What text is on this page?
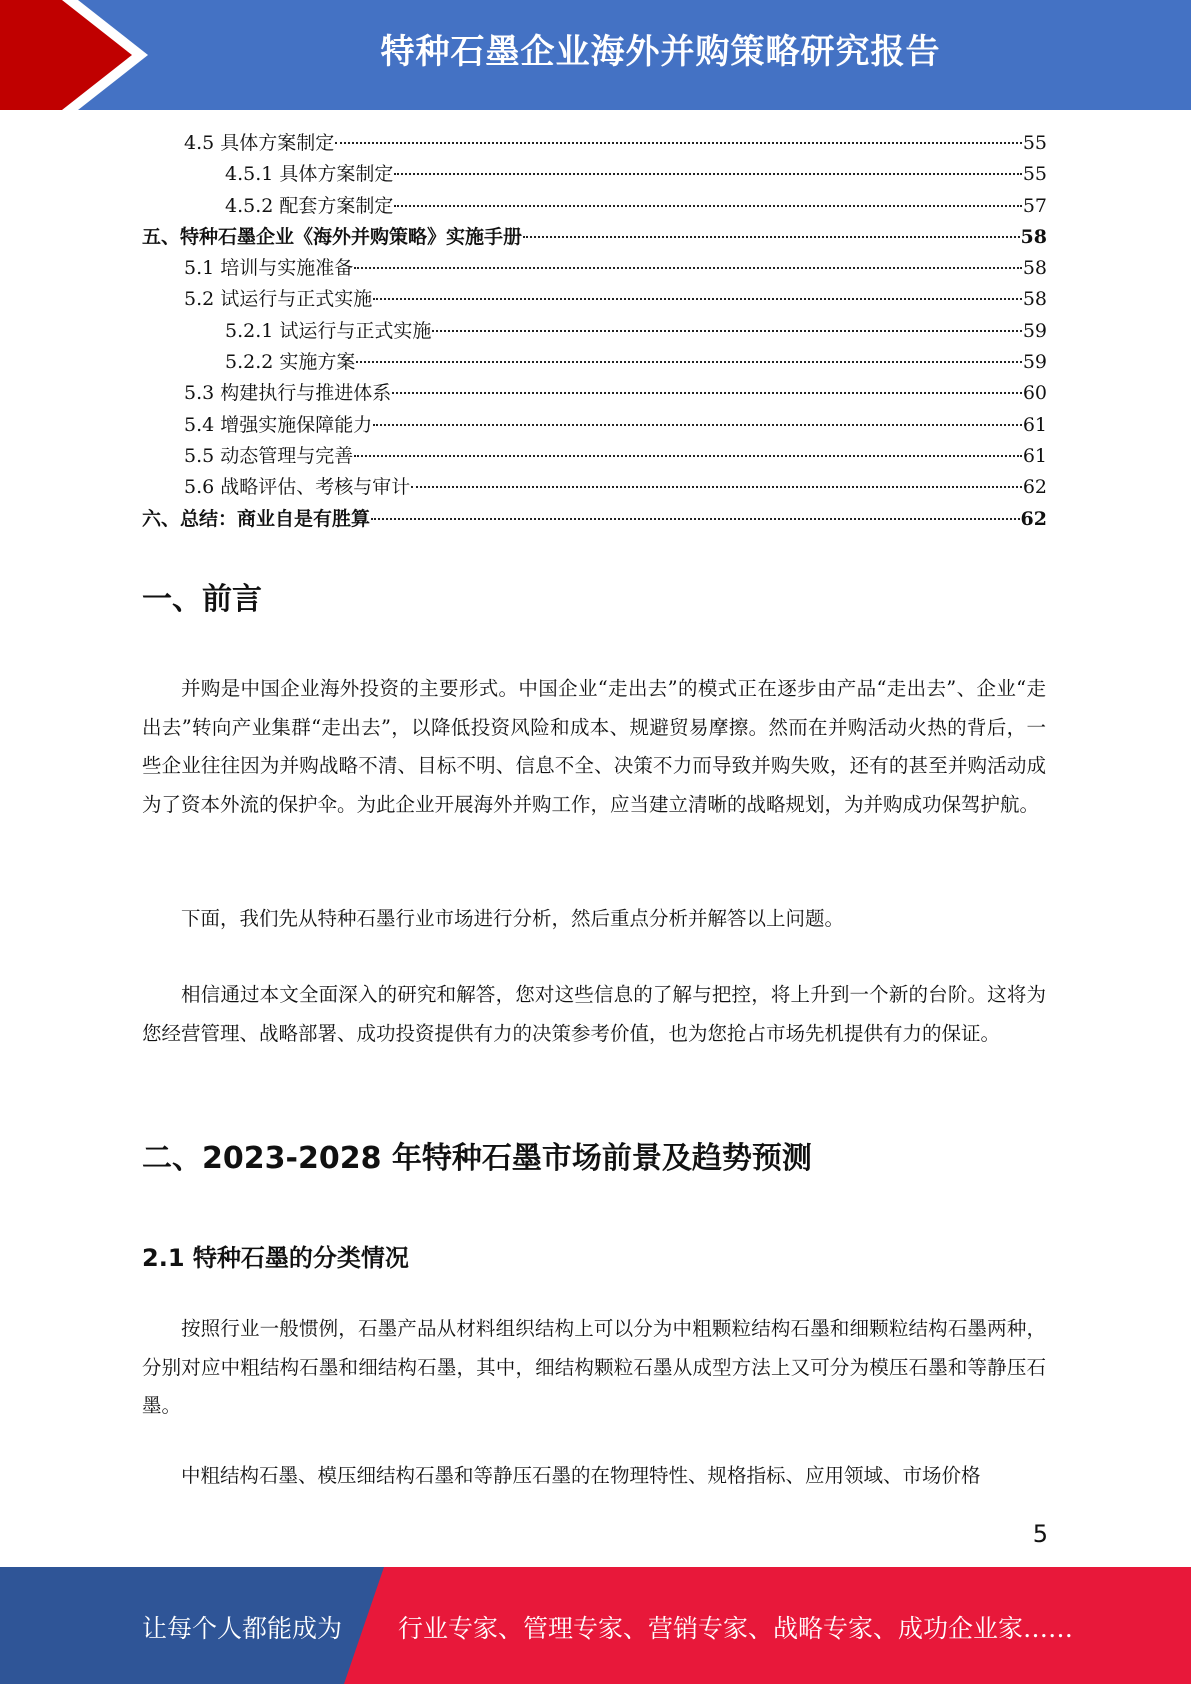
特种石墨企业海外并购策略研究报告
4.5 具体方案制定	55
4.5.1 具体方案制定	55
4.5.2 配套方案制定	57
五、特种石墨企业《海外并购策略》实施手册	58
5.1 培训与实施准备	58
5.2 试运行与正式实施	58
5.2.1 试运行与正式实施	59
5.2.2 实施方案	59
5.3 构建执行与推进体系	60
5.4 增强实施保障能力	61
5.5 动态管理与完善	61
5.6 战略评估、考核与审计	62
六、总结：商业自是有胜算	62
一、前言

并购是中国企业海外投资的主要形式。中国企业“走出去”的模式正在逐步由产品“走出去”、企业“走出去”转向产业集群“走出去”，以降低投资风险和成本、规避贸易摩擦。然而在并购活动火热的背后，一些企业往往因为并购战略不清、目标不明、信息不全、决策不力而导致并购失败，还有的甚至并购活动成为了资本外流的保护伞。为此企业开展海外并购工作，应当建立清晰的战略规划，为并购成功保驾护航。

下面，我们先从特种石墨行业市场进行分析，然后重点分析并解答以上问题。

相信通过本文全面深入的研究和解答，您对这些信息的了解与把控，将上升到一个新的台阶。这将为您经营管理、战略部署、成功投资提供有力的决策参考价值，也为您抢占市场先机提供有力的保证。

二、2023-2028 年特种石墨市场前景及趋势预测
2.1 特种石墨的分类情况

按照行业一般惯例，石墨产品从材料组织结构上可以分为中粗颗粒结构石墨和细颗粒结构石墨两种，分别对应中粗结构石墨和细结构石墨，其中，细结构颗粒石墨从成型方法上又可分为模压石墨和等静压石墨。

中粗结构石墨、模压细结构石墨和等静压石墨的在物理特性、规格指标、应用领域、市场价格

5
让每个人都能成为 行业专家、管理专家、营销专家、战略专家、成功企业家……
